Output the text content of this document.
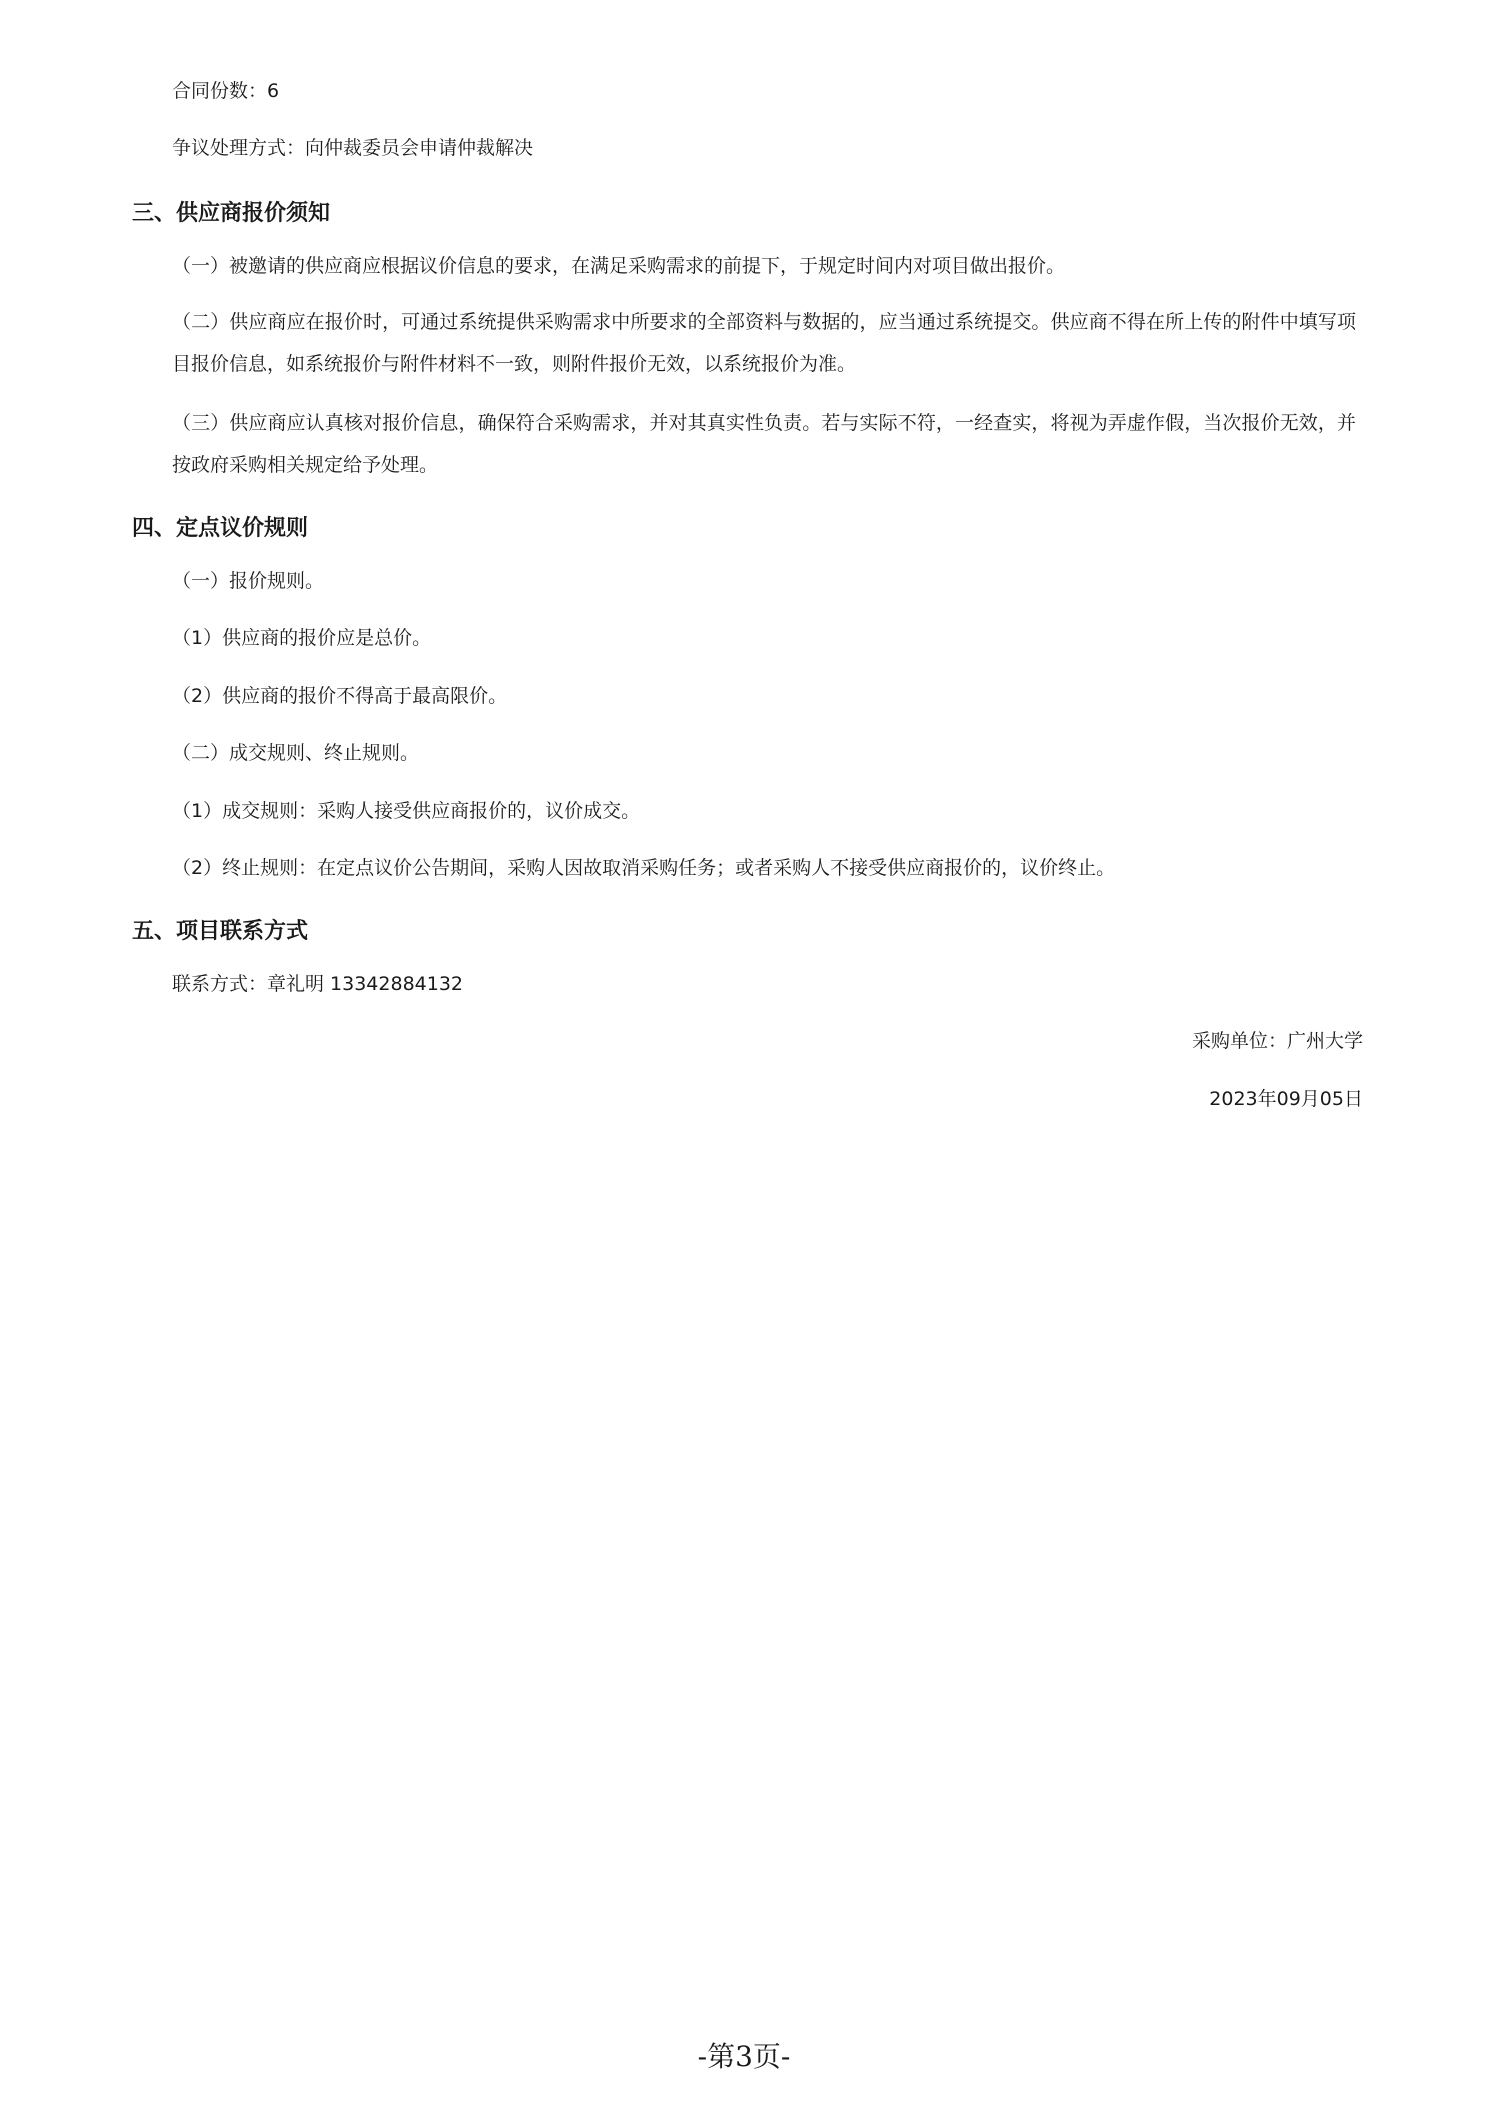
合同份数：6
争议处理方式：向仲裁委员会申请仲裁解决
三、供应商报价须知
（一）被邀请的供应商应根据议价信息的要求，在满足采购需求的前提下，于规定时间内对项目做出报价。
（二）供应商应在报价时，可通过系统提供采购需求中所要求的全部资料与数据的，应当通过系统提交。供应商不得在所上传的附件中填写项目报价信息，如系统报价与附件材料不一致，则附件报价无效，以系统报价为准。
（三）供应商应认真核对报价信息，确保符合采购需求，并对其真实性负责。若与实际不符，一经查实，将视为弄虚作假，当次报价无效，并按政府采购相关规定给予处理。
四、定点议价规则
（一）报价规则。
（1）供应商的报价应是总价。
（2）供应商的报价不得高于最高限价。
（二）成交规则、终止规则。
（1）成交规则：采购人接受供应商报价的，议价成交。
（2）终止规则：在定点议价公告期间，采购人因故取消采购任务；或者采购人不接受供应商报价的，议价终止。
五、项目联系方式
联系方式：章礼明 13342884132
采购单位：广州大学
2023年09月05日
-第3页-
